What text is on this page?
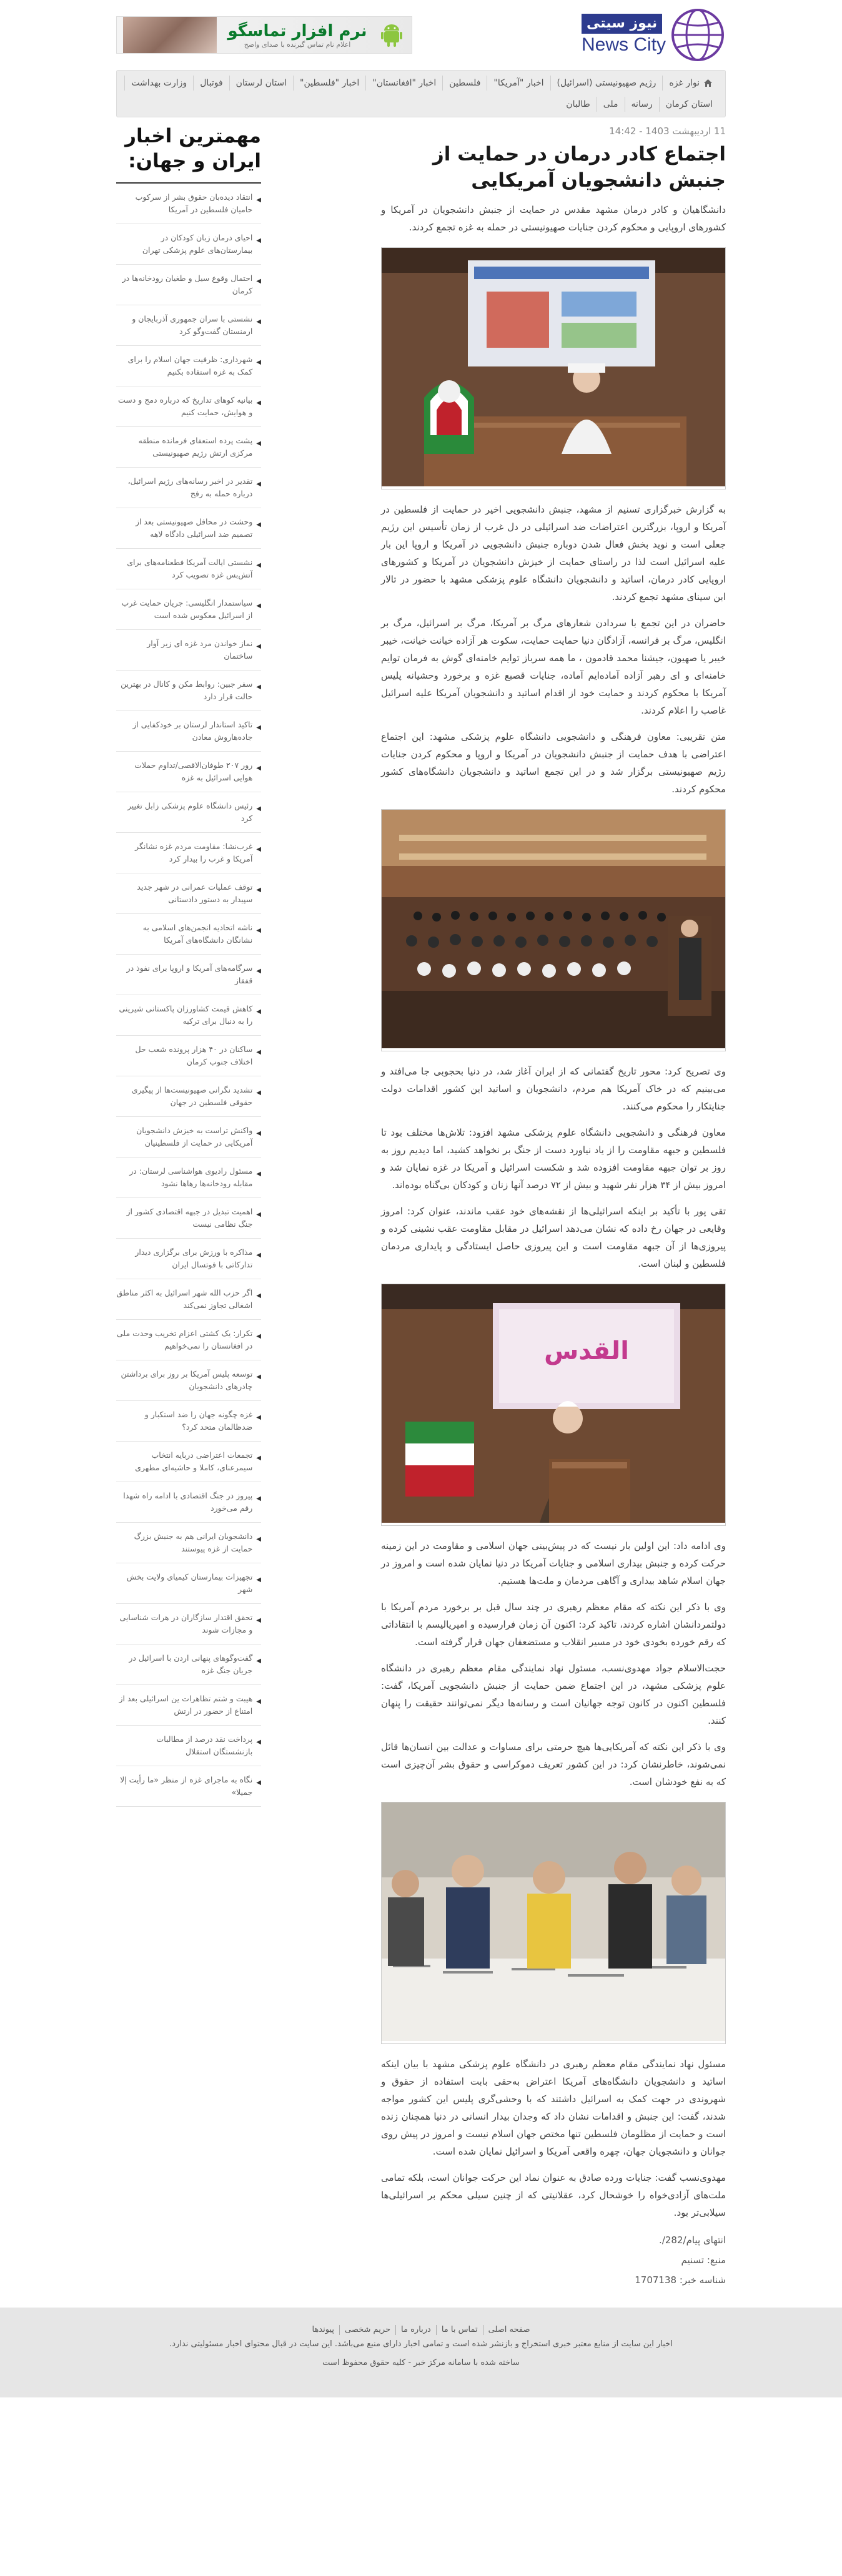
نیوز سیتی
News City
نرم افزار تماسگو
اعلام نام تماس گیرنده با صدای واضح
نوار غزه
رژیم صهیونیستی (اسرائیل)
اخبار "آمریکا"
فلسطین
اخبار "افغانستان"
اخبار "فلسطین"
استان لرستان
فوتبال
وزارت بهداشت
استان کرمان
رسانه
ملی
طالبان
11 اردیبهشت 1403 - 14:42
اجتماع کادر درمان در حمایت از جنبش دانشجویان آمریکایی

دانشگاهیان و کادر درمان مشهد مقدس در حمایت از جنبش دانشجویان در آمریکا و کشورهای اروپایی و محکوم کردن جنایات صهیونیستی در حمله به غزه تجمع کردند.

به گزارش خبرگزاری تسنیم از مشهد، جنبش دانشجویی اخیر در حمایت از فلسطین در آمریکا و اروپا، بزرگترین اعتراضات ضد اسرائیلی در دل غرب از زمان تأسیس این رژیم جعلی است و نوید بخش فعال شدن دوباره جنبش دانشجویی در آمریکا و اروپا این بار علیه اسرائیل است لذا در راستای حمایت از خیزش دانشجویان در آمریکا و کشورهای اروپایی کادر درمان، اساتید و دانشجویان دانشگاه علوم پزشکی مشهد با حضور در تالار ابن سینای مشهد تجمع کردند.

حاضران در این تجمع با سردادن شعارهای مرگ بر آمریکا، مرگ بر اسرائیل، مرگ بر انگلیس، مرگ بر فرانسه، آزادگان دنیا حمایت حمایت، سکوت هر آزاده خیانت خیانت، خیبر خیبر یا صهیون، جیشنا محمد قادمون ، ما همه سرباز توایم خامنه‌ای گوش به فرمان توایم خامنه‌ای و ای رهبر آزاده آماده‌ایم آماده، جنایات قصبع غزه و برخورد وحشیانه پلیس آمریکا با محکوم کردند و حمایت خود از اقدام اساتید و دانشجویان آمریکا علیه اسرائیل غاصب را اعلام کردند.

متن تقریبی: معاون فرهنگی و دانشجویی دانشگاه علوم پزشکی مشهد: این اجتماع اعتراضی با هدف حمایت از جنبش دانشجویان در آمریکا و اروپا و محکوم کردن جنایات رژیم صهیونیستی برگزار شد و در این تجمع اساتید و دانشجویان دانشگاه‌های کشور محکوم کردند.

وی تصریح کرد: محور تاریخ گفتمانی که از ایران آغاز شد، در دنیا بحجوبی جا می‌افتد و می‌بینیم که در خاک آمریکا هم مردم، دانشجویان و اساتید این کشور اقدامات دولت جنایتکار را محکوم می‌کنند.

معاون فرهنگی و دانشجویی دانشگاه علوم پزشکی مشهد افزود: تلاش‌ها مختلف بود تا فلسطین و جبهه مقاومت را از یاد نیاورد دست از جنگ بر نخواهد کشید، اما دیدیم روز به روز بر توان جبهه مقاومت افزوده شد و شکست اسرائیل و آمریکا در غزه نمایان شد و امروز بیش از ۳۴ هزار نفر شهید و بیش از ۷۲ درصد آنها زنان و کودکان بی‌گناه بوده‌اند.

تقی پور با تأکید بر اینکه اسرائیلی‌ها از نقشه‌های خود عقب ماندند، عنوان کرد: امروز وقایعی در جهان رخ داده که نشان می‌دهد اسرائیل در مقابل مقاومت عقب نشینی کرده و پیروزی‌ها از آن جبهه مقاومت است و این پیروزی حاصل ایستادگی و پایداری مردمان فلسطین و لبنان است.

القدس

وی ادامه داد: این اولین بار نیست که در پیش‌بینی جهان اسلامی و مقاومت در این زمینه حرکت کرده و جنبش بیداری اسلامی و جنایات آمریکا در دنیا نمایان شده است و امروز در جهان اسلام شاهد بیداری و آگاهی مردمان و ملت‌ها هستیم.

وی با ذکر این نکته که مقام معظم رهبری در چند سال قبل بر برخورد مردم آمریکا با دولتمردانشان اشاره کردند، تاکید کرد: اکنون آن زمان فرارسیده و امپریالیسم با انتقاداتی که رقم خورده بخودی خود در مسیر انقلاب و مستضعفان جهان قرار گرفته است.

حجت‌الاسلام جواد مهدوی‌نسب، مسئول نهاد نمایندگی مقام معظم رهبری در دانشگاه علوم پزشکی مشهد، در این اجتماع ضمن حمایت از جنبش دانشجویی آمریکا، گفت: فلسطین اکنون در کانون توجه جهانیان است و رسانه‌ها دیگر نمی‌توانند حقیقت را پنهان کنند.

وی با ذکر این نکته که آمریکایی‌ها هیچ حرمتی برای مساوات و عدالت بین انسان‌ها قائل نمی‌شوند، خاطرنشان کرد: در این کشور تعریف دموکراسی و حقوق بشر آن‌چیزی است که به نفع خودشان است.

مسئول نهاد نمایندگی مقام معظم رهبری در دانشگاه علوم پزشکی مشهد با بیان اینکه اساتید و دانشجویان دانشگاه‌های آمریکا اعتراض به‌حقی بابت استفاده از حقوق و شهروندی در جهت کمک به اسرائیل داشتند که با وحشی‌گری پلیس این کشور مواجه شدند، گفت: این جنبش و اقدامات نشان داد که وجدان بیدار انسانی در دنیا همچنان زنده است و حمایت از مظلومان فلسطین تنها مختص جهان اسلام نیست و امروز در پیش روی جوانان و دانشجویان جهان، چهره واقعی آمریکا و اسرائیل نمایان شده است.

مهدوی‌نسب گفت: جنایات ورده صادق به عنوان نماد این حرکت جوانان است، بلکه تمامی ملت‌های آزادی‌خواه را خوشحال کرد، عقلانیتی که از چنین سیلی محکم بر اسرائیلی‌ها سیلابی‌تر بود.

انتهای پیام/282/.

منبع: تسنیم

شناسه خبر: 1707138

مهمترین اخبار ایران و جهان:
◀
انتقاد دیده‌بان حقوق بشر از سرکوب حامیان فلسطین در آمریکا
◀
احیای درمان زبان کودکان در بیمارستان‌های علوم پزشکی تهران
◀
احتمال وقوع سیل و طغیان رودخانه‌ها در کرمان
◀
نشستی با سران جمهوری آذربایجان و ارمنستان گفت‌وگو کرد
◀
شهرداری: ظرفیت جهان اسلام را برای کمک به غزه استفاده بکنیم
◀
بیانیه کوهای تداریخ که درباره دمج و دست و هوایش، حمایت کنیم
◀
پشت پرده استعفای فرمانده منطقه مرکزی ارتش رژیم صهیونیستی
◀
تقدیر در اخبر رسانه‌های رژیم اسرائیل، درباره حمله به رفح
◀
وحشت در محافل صهیونیستی بعد از تصمیم ضد اسرائیلی دادگاه لاهه
◀
نشستی ایالت آمریکا فطعنامه‌های برای آتش‌بس غزه تصویب کرد
◀
سیاستمدار انگلیسی: جریان حمایت غرب از اسرائیل معکوس شده است
◀
نماز خواندن مرد غزه ای زیر آوار ساختمان
◀
سفر جبین: روابط مکن و کانال در بهترین حالت قرار دارد
◀
تاکید استاندار لرستان بر خودکفایی از جاده‌هاروش معادن
◀
رور ۲۰۷ طوفان‌الاقصی/تداوم حملات هوایی اسرائیل به غزه
◀
رئیس دانشگاه علوم پزشکی زابل تغییر کرد
◀
غرب‌نشا: مقاومت مردم غزه نشانگر آمریکا و غرب را بیدار کرد
◀
توقف عملیات عمرانی در شهر جدید سپیدار به دستور دادستانی
◀
ناشه اتحادیه انجمن‌های اسلامی به نشانگان دانشگاه‌های آمریکا
◀
سرگامه‌های آمریکا و اروپا برای نفوذ در قفقاز
◀
کاهش قیمت کشاورزان پاکستانی شیرینی را به دنبال برای ترکیه
◀
ساکنان در ۴۰ هزار پرونده شعب حل اختلاف جنوب کرمان
◀
تشدید نگرانی صهیونیست‌ها از پیگیری حقوقی فلسطین در جهان
◀
واکنش تراست به خیزش دانشجویان آمریکایی در حمایت از فلسطینیان
◀
مسئول رادیوی هواشناسی لرستان: در مقابله رودخانه‌ها رهاها نشود
◀
اهمیت تبدیل در جبهه اقتصادی کشور از جنگ نظامی نیست
◀
مذاکره با ورزش برای برگزاری دیدار تدارکاتی با فوتسال ایران
◀
اگر حزب الله شهر اسرائیل به اکثر مناطق اشغالی تجاوز نمی‌کند
◀
تکرار: یک کشتی اعزام تخریب وحدت ملی در افغانستان را نمی‌خواهیم
◀
توسعه پلیس آمریکا بر روز برای برداشتن چادرهای دانشجویان
◀
غزه چگونه جهان را ضد استکبار و ضدظالمان متحد کرد؟
◀
تجمعات اعتراضی دربایه انتخاب سیمرعنای، کاملا و حاشیه‌ای مطهری
◀
پیروز در جنگ اقتصادی با ادامه راه شهدا رقم می‌خورد
◀
دانشجویان ایرانی هم به جنبش بزرگ حمایت از غزه پیوستند
◀
تجهیزات بیمارستان کیمیای ولایت بخش شهر
◀
تحقق اقتدار سازگاران در هرات شناسایی و مجازات شوند
◀
گفت‌وگوهای پنهانی اردن با اسرائیل در جریان جنگ غزه
◀
هیبت و شتم تظاهرات ین اسرائیلی بعد از امتناع از حضور در ارتش
◀
پرداخت نقد درصد از مطالبات بازنشستگان استقلال
◀
نگاه به ماجرای غزه از منظر «ما رأیت إلا جمیلا»
صفحه اصلی
تماس با ما
درباره ما
حریم شخصی
پیوندها
اخبار این سایت از منابع معتبر خبری استخراج و بازنشر شده است و تمامی اخبار دارای منبع می‌باشد. این سایت در قبال محتوای اخبار مسئولیتی ندارد.
ساخته شده با سامانه مرکز خبر - کلیه حقوق محفوظ است
